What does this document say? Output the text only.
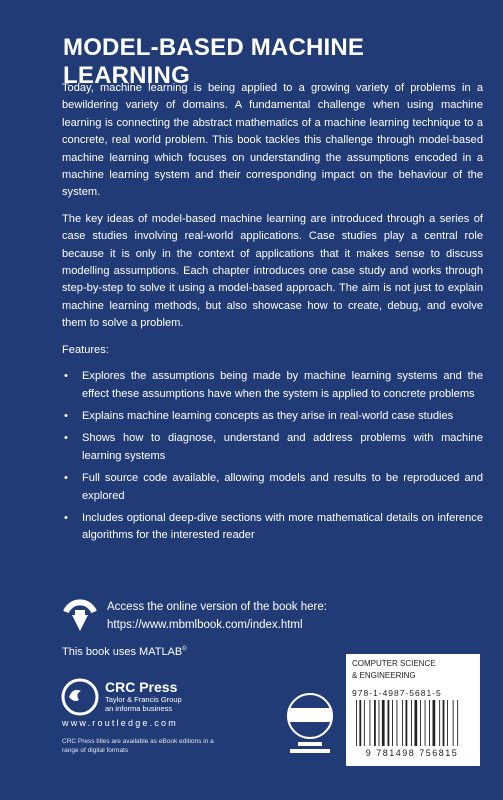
MODEL-BASED MACHINE LEARNING

Today, machine learning is being applied to a growing variety of problems in a bewildering variety of domains. A fundamental challenge when using machine learning is connecting the abstract mathematics of a machine learning technique to a concrete, real world problem. This book tackles this challenge through model-based machine learning which focuses on understanding the assumptions encoded in a machine learning system and their corresponding impact on the behaviour of the system.

The key ideas of model-based machine learning are introduced through a series of case studies involving real-world applications. Case studies play a central role because it is only in the context of applications that it makes sense to discuss modelling assumptions. Each chapter introduces one case study and works through step-by-step to solve it using a model-based approach. The aim is not just to explain machine learning methods, but also showcase how to create, debug, and evolve them to solve a problem.

Features:

• Explores the assumptions being made by machine learning systems and the effect these assumptions have when the system is applied to concrete problems
• Explains machine learning concepts as they arise in real-world case studies
• Shows how to diagnose, understand and address problems with machine learning systems
• Full source code available, allowing models and results to be reproduced and explored
• Includes optional deep-dive sections with more mathematical details on inference algorithms for the interested reader
Access the online version of the book here:
https://www.mbmlbook.com/index.html
This book uses MATLAB®
CRC Press
Taylor & Francis Group
an informa business
www.routledge.com
CRC Press titles are available as eBook editions in a range of digital formats
COMPUTER SCIENCE
& ENGINEERING
978-1-4987-5681-5
9 781498 756815
